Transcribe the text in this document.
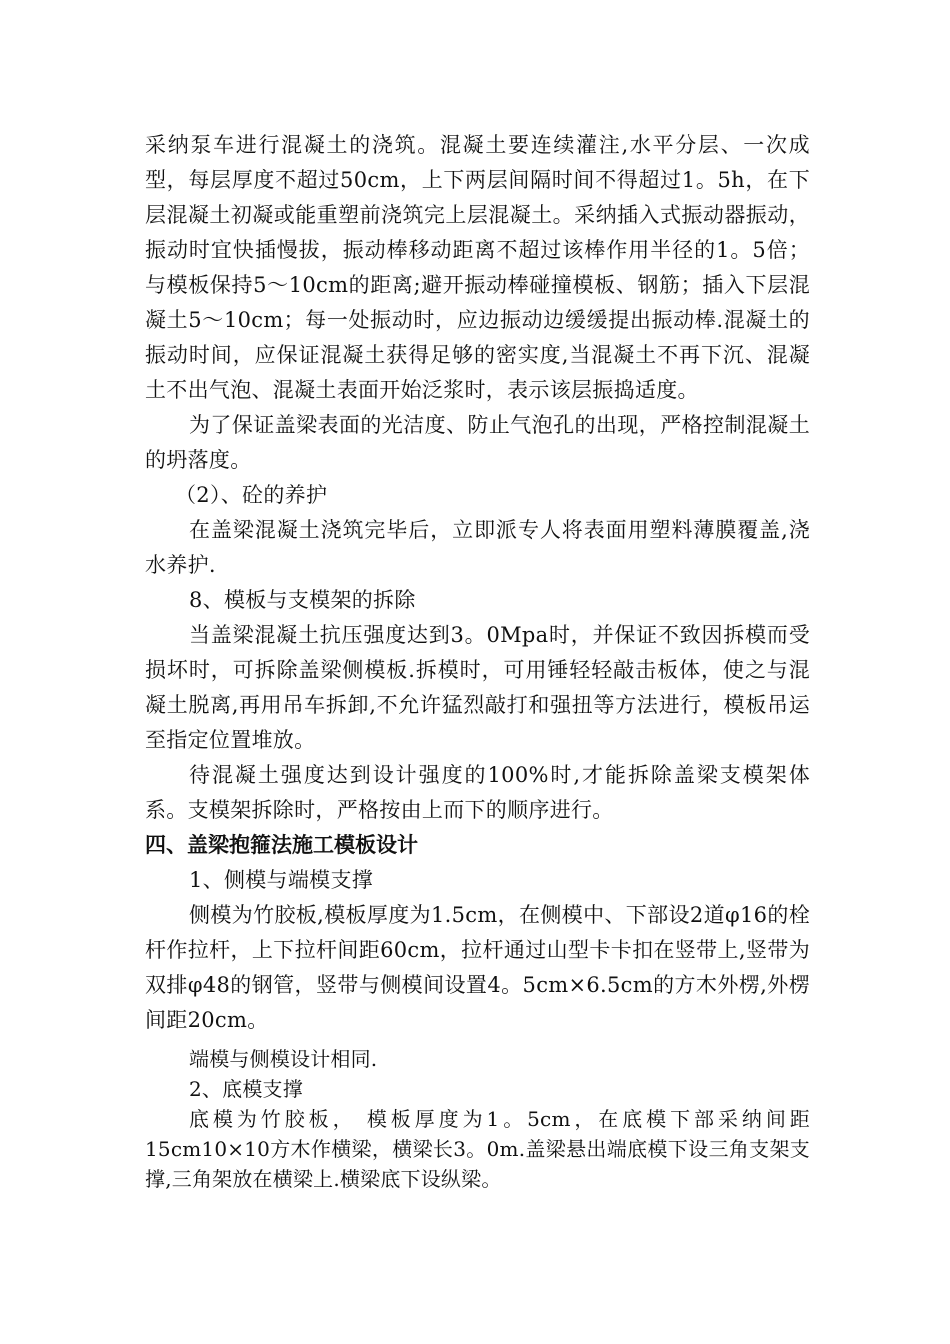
采纳泵车进行混凝土的浇筑。混凝土要连续灌注,水平分层、一次成型，每层厚度不超过50cm，上下两层间隔时间不得超过1。5h，在下层混凝土初凝或能重塑前浇筑完上层混凝土。采纳插入式振动器振动，振动时宜快插慢拔，振动棒移动距离不超过该棒作用半径的1。5倍；与模板保持5～10cm的距离;避开振动棒碰撞模板、钢筋；插入下层混凝土5～10cm；每一处振动时，应边振动边缓缓提出振动棒.混凝土的振动时间，应保证混凝土获得足够的密实度,当混凝土不再下沉、混凝土不出气泡、混凝土表面开始泛浆时，表示该层振捣适度。

为了保证盖梁表面的光洁度、防止气泡孔的出现，严格控制混凝土的坍落度。

（2）、砼的养护

在盖梁混凝土浇筑完毕后，立即派专人将表面用塑料薄膜覆盖,浇水养护.

8、模板与支模架的拆除

当盖梁混凝土抗压强度达到3。0Mpa时，并保证不致因拆模而受损坏时，可拆除盖梁侧模板.拆模时，可用锤轻轻敲击板体，使之与混凝土脱离,再用吊车拆卸,不允许猛烈敲打和强扭等方法进行，模板吊运至指定位置堆放。

待混凝土强度达到设计强度的100%时,才能拆除盖梁支模架体系。支模架拆除时，严格按由上而下的顺序进行。

四、盖梁抱箍法施工模板设计

1、侧模与端模支撑

侧模为竹胶板,模板厚度为1.5cm，在侧模中、下部设2道φ16的栓杆作拉杆，上下拉杆间距60cm，拉杆通过山型卡卡扣在竖带上,竖带为双排φ48的钢管，竖带与侧模间设置4。5cm×6.5cm的方木外楞,外楞间距20cm。

端模与侧模设计相同.

2、底模支撑

底模为竹胶板， 模板厚度为1。5cm，在底模下部采纳间距15cm10×10方木作横梁，横梁长3。0m.盖梁悬出端底模下设三角支架支撑,三角架放在横梁上.横梁底下设纵梁。
